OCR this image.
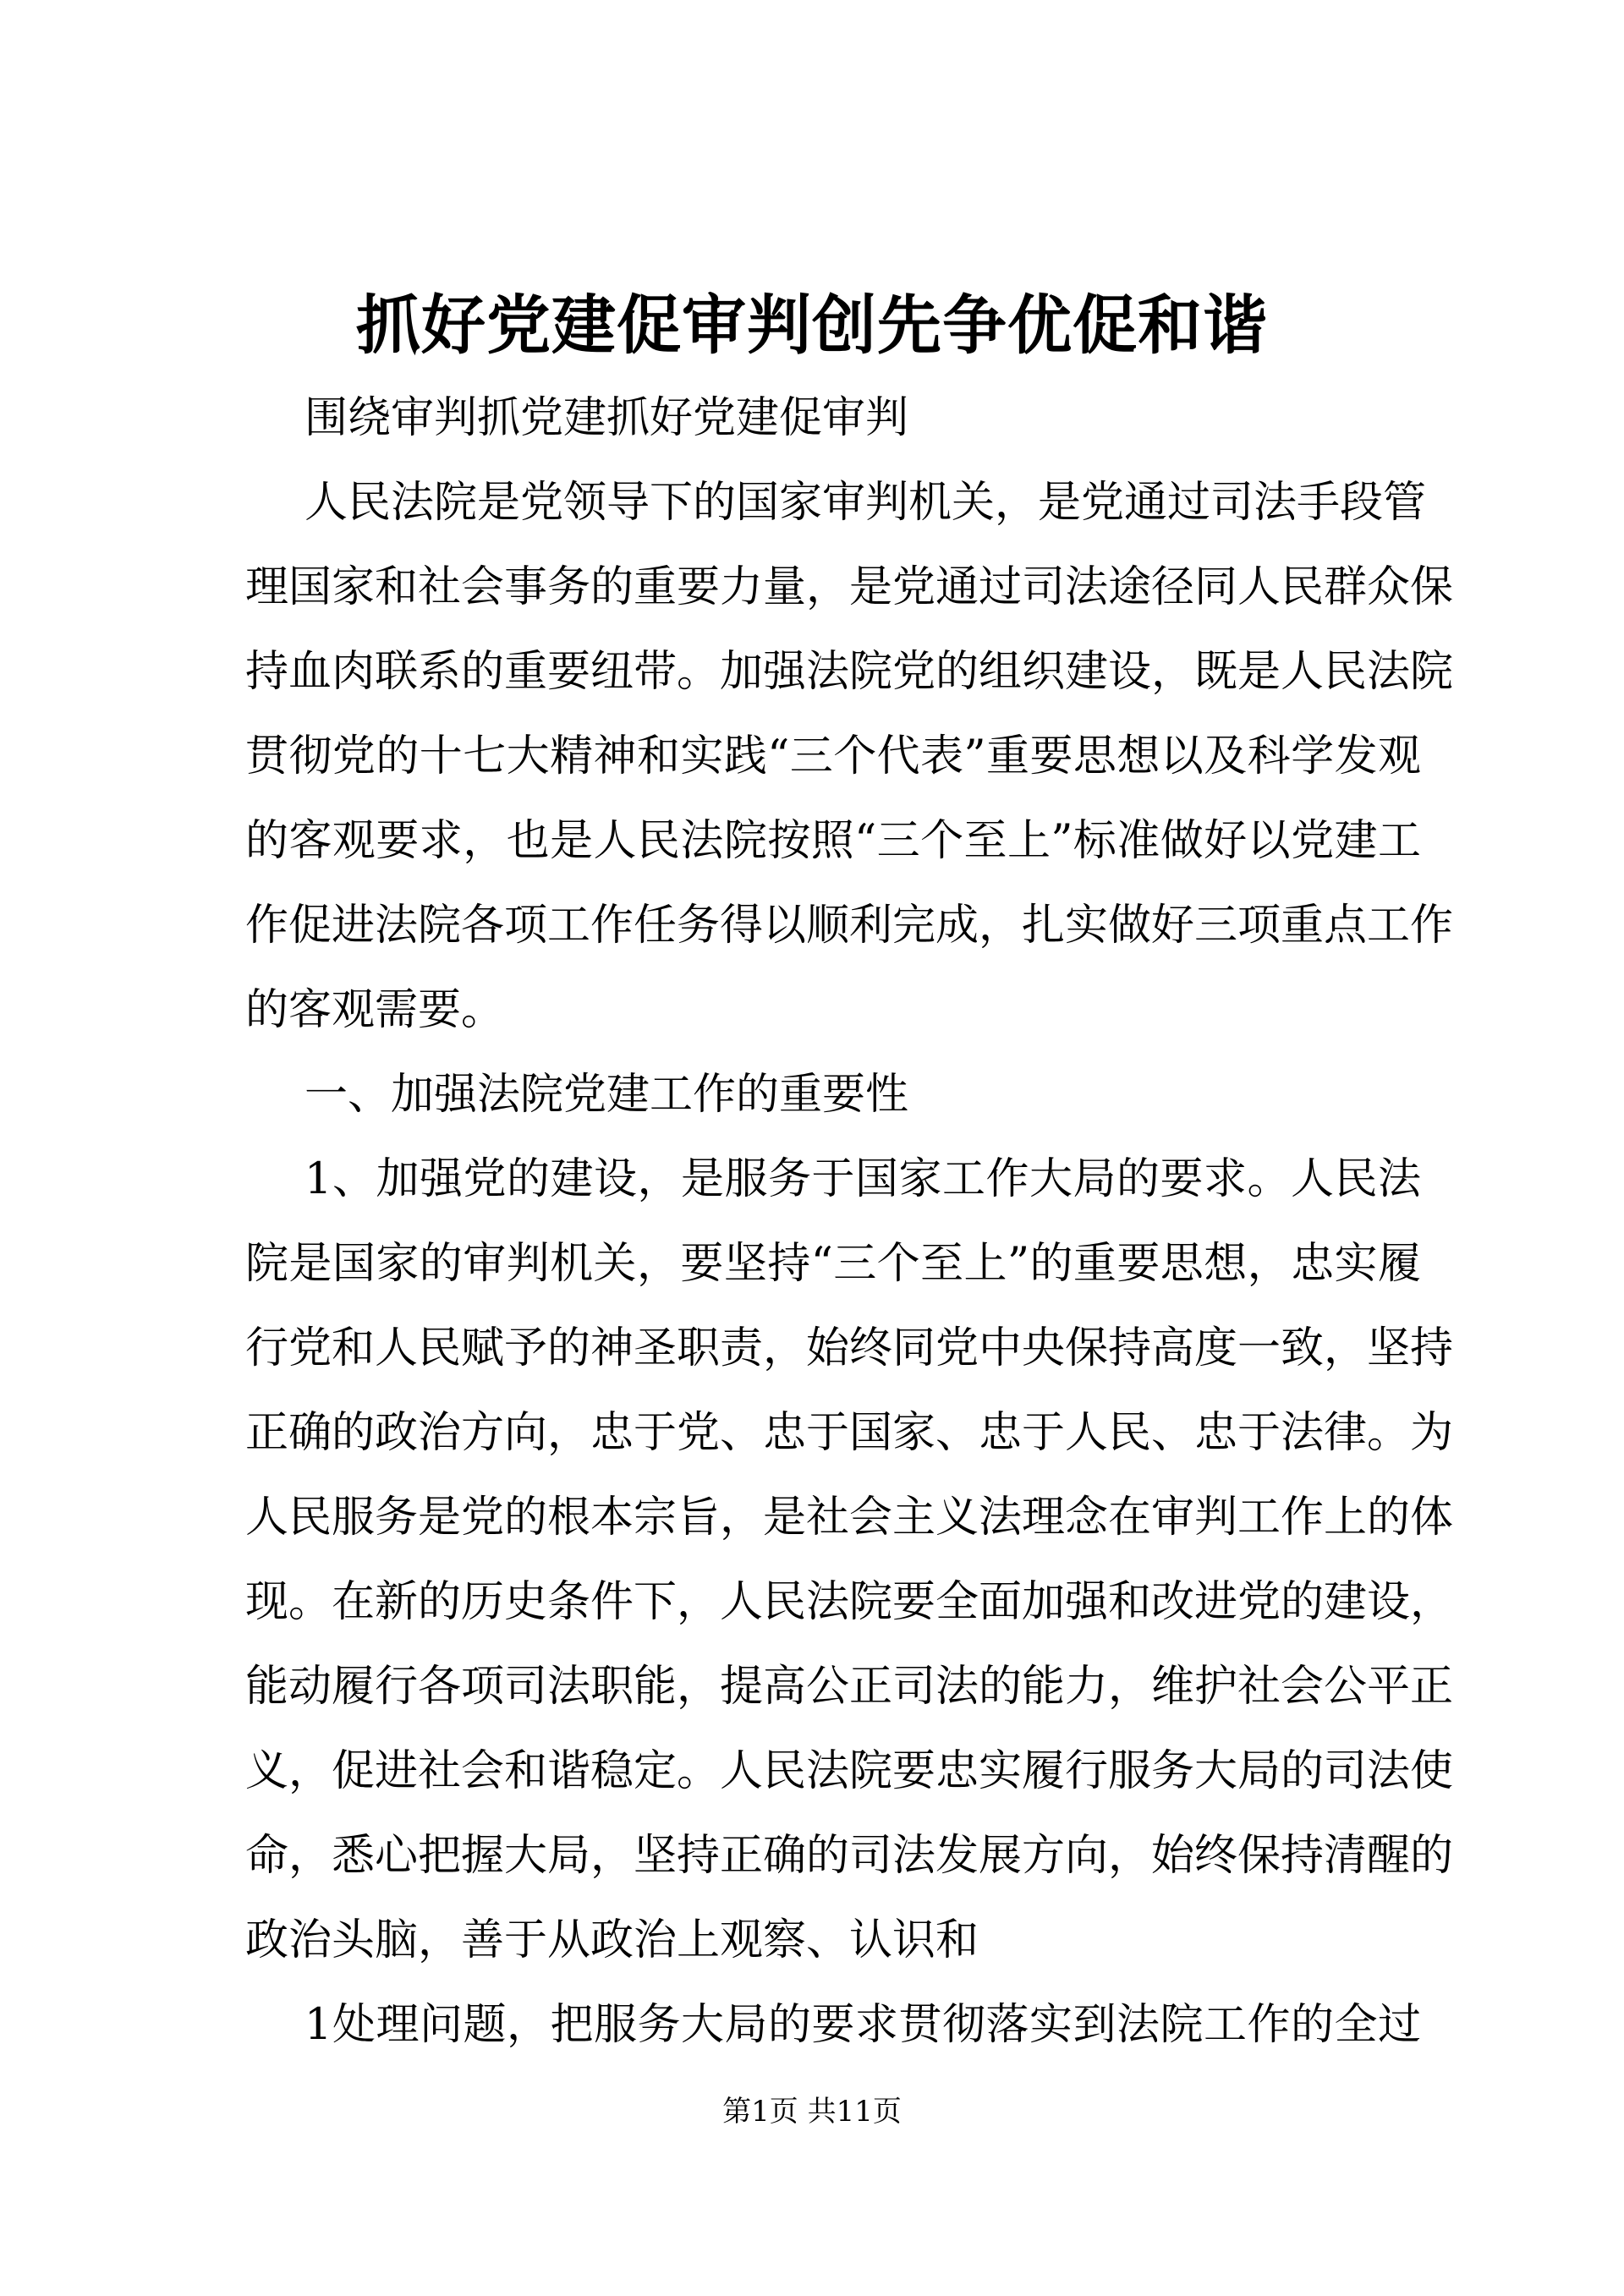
抓好党建促审判创先争优促和谐
围绕审判抓党建抓好党建促审判
人民法院是党领导下的国家审判机关，是党通过司法手段管
理国家和社会事务的重要力量，是党通过司法途径同人民群众保
持血肉联系的重要纽带。加强法院党的组织建设，既是人民法院
贯彻党的十七大精神和实践“三个代表”重要思想以及科学发观
的客观要求，也是人民法院按照“三个至上”标准做好以党建工
作促进法院各项工作任务得以顺利完成，扎实做好三项重点工作
的客观需要。
一、加强法院党建工作的重要性
1、加强党的建设，是服务于国家工作大局的要求。人民法
院是国家的审判机关，要坚持“三个至上”的重要思想，忠实履
行党和人民赋予的神圣职责，始终同党中央保持高度一致，坚持
正确的政治方向，忠于党、忠于国家、忠于人民、忠于法律。为
人民服务是党的根本宗旨，是社会主义法理念在审判工作上的体
现。在新的历史条件下，人民法院要全面加强和改进党的建设，
能动履行各项司法职能，提高公正司法的能力，维护社会公平正
义，促进社会和谐稳定。人民法院要忠实履行服务大局的司法使
命，悉心把握大局，坚持正确的司法发展方向，始终保持清醒的
政治头脑，善于从政治上观察、认识和
1处理问题，把服务大局的要求贯彻落实到法院工作的全过
第1页 共11页
